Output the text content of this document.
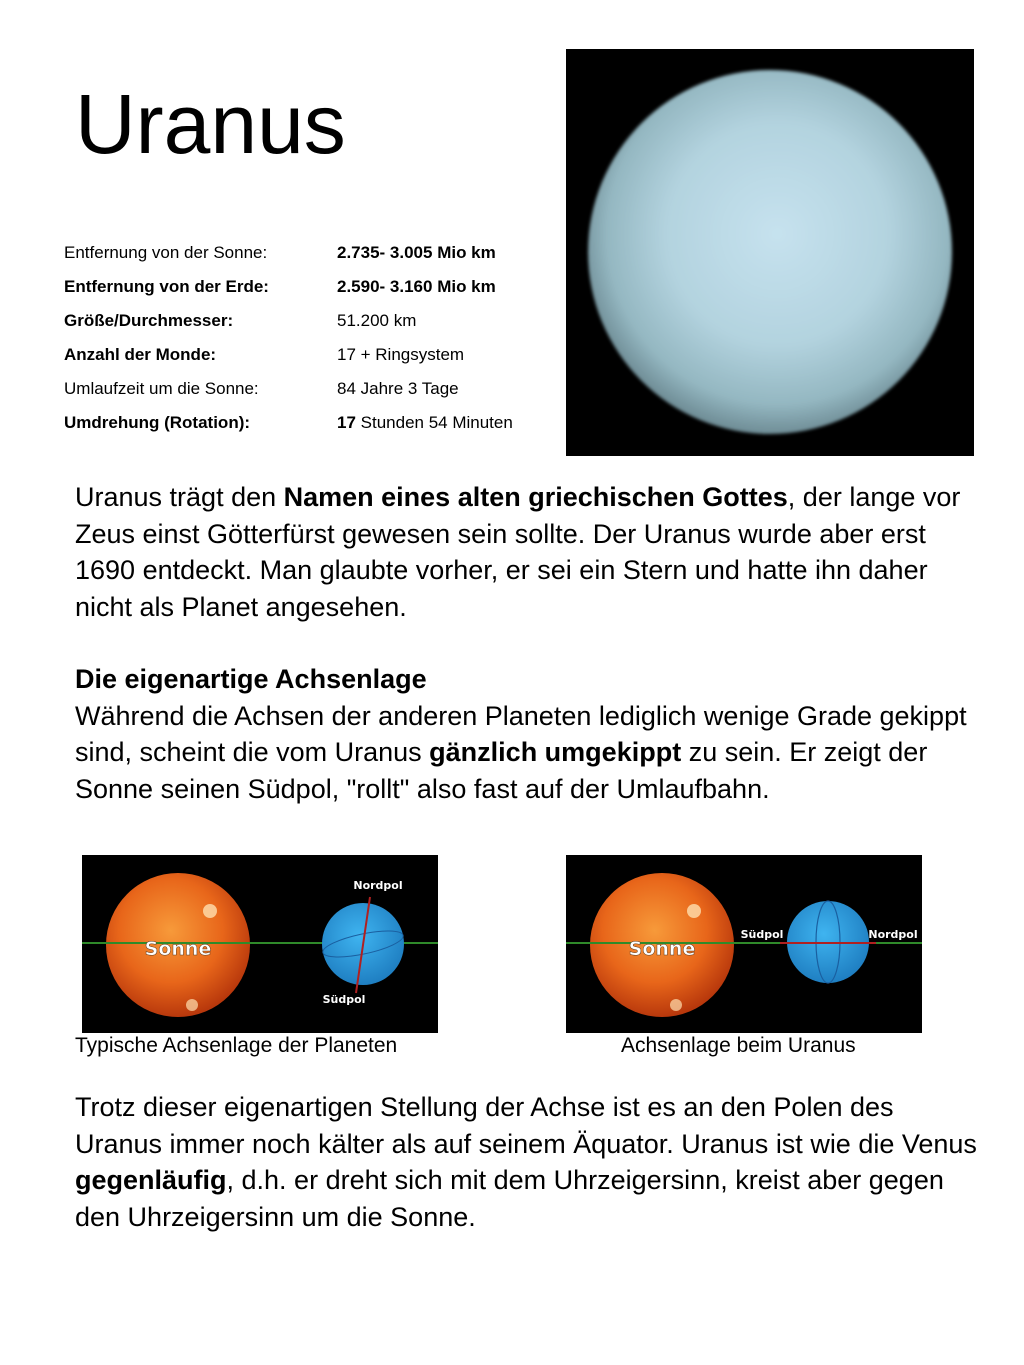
Uranus
Entfernung von der Sonne:	2.735- 3.005 Mio km
Entfernung von der Erde:	2.590- 3.160 Mio km
Größe/Durchmesser:	51.200 km
Anzahl der Monde:	17 + Ringsystem
Umlaufzeit um die Sonne:	84 Jahre 3 Tage
Umdrehung (Rotation):	17 Stunden 54 Minuten
Uranus trägt den Namen eines alten griechischen Gottes, der lange vor Zeus einst Götterfürst gewesen sein sollte. Der Uranus wurde aber erst 1690 entdeckt. Man glaubte vorher, er sei ein Stern und hatte ihn daher nicht als Planet angesehen.
Die eigenartige Achsenlage
Während die Achsen der anderen Planeten lediglich wenige Grade gekippt sind, scheint die vom Uranus gänzlich umgekippt zu sein. Er zeigt der Sonne seinen Südpol, "rollt" also fast auf der Umlaufbahn.
Sonne
Nordpol
Südpol
Südpol	Nordpol
Sonne
Typische Achsenlage der Planeten	Achsenlage beim Uranus
Trotz dieser eigenartigen Stellung der Achse ist es an den Polen des Uranus immer noch kälter als auf seinem Äquator. Uranus ist wie die Venus gegenläufig, d.h. er dreht sich mit dem Uhrzeigersinn, kreist aber gegen den Uhrzeigersinn um die Sonne.
